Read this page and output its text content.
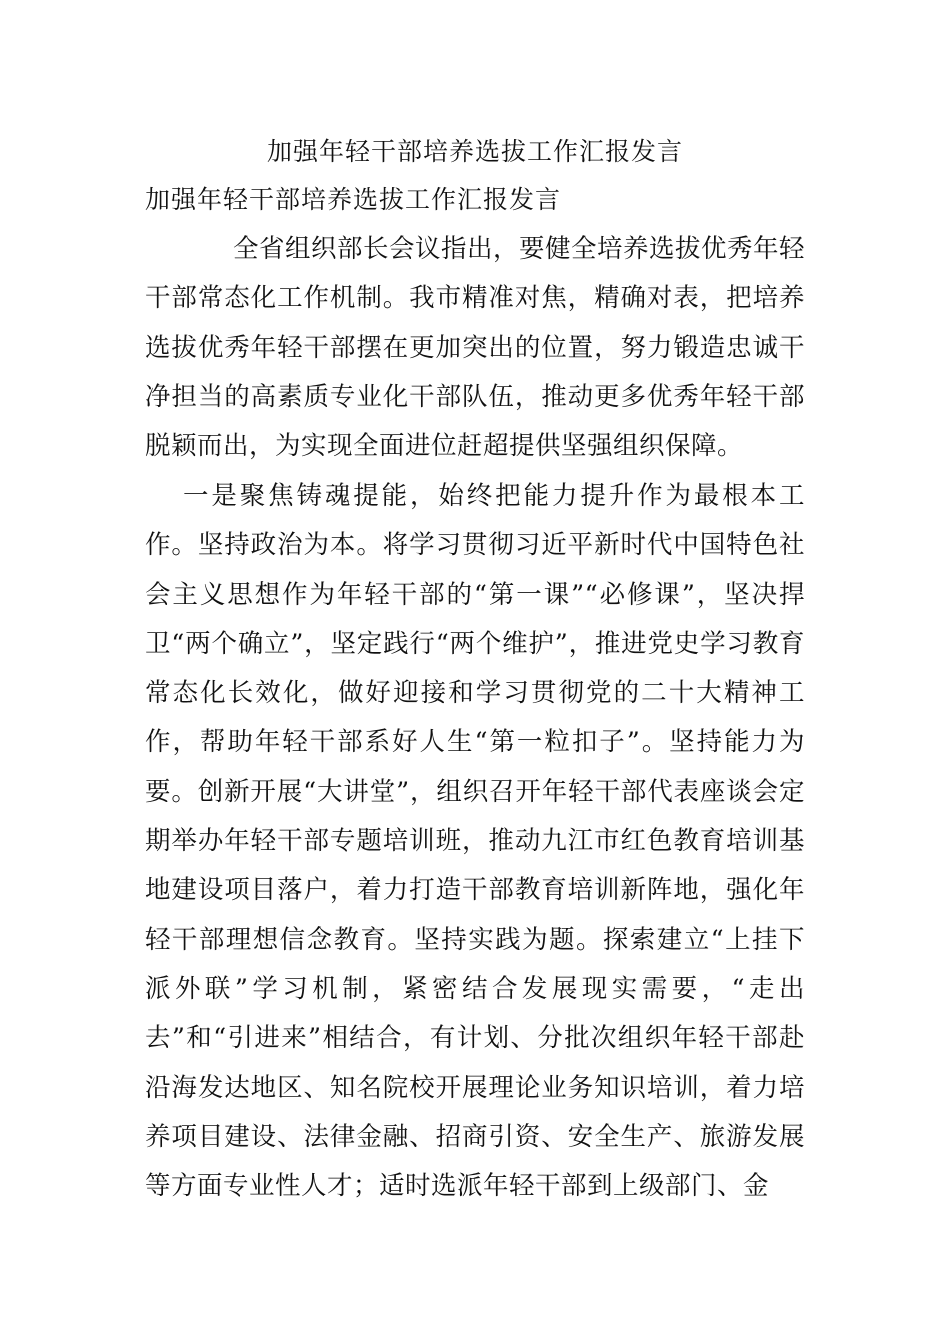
加强年轻干部培养选拔工作汇报发言
加强年轻干部培养选拔工作汇报发言

全省组织部长会议指出，要健全培养选拔优秀年轻干部常态化工作机制。我市精准对焦，精确对表，把培养选拔优秀年轻干部摆在更加突出的位置，努力锻造忠诚干净担当的高素质专业化干部队伍，推动更多优秀年轻干部脱颖而出，为实现全面进位赶超提供坚强组织保障。

一是聚焦铸魂提能，始终把能力提升作为最根本工作。坚持政治为本。将学习贯彻习近平新时代中国特色社会主义思想作为年轻干部的“第一课”“必修课”，坚决捍卫“两个确立”，坚定践行“两个维护”，推进党史学习教育常态化长效化，做好迎接和学习贯彻党的二十大精神工作，帮助年轻干部系好人生“第一粒扣子”。坚持能力为要。创新开展“大讲堂”，组织召开年轻干部代表座谈会定期举办年轻干部专题培训班，推动九江市红色教育培训基地建设项目落户，着力打造干部教育培训新阵地，强化年轻干部理想信念教育。坚持实践为题。探索建立“上挂下派外联”学习机制，紧密结合发展现实需要，“走出去”和“引进来”相结合，有计划、分批次组织年轻干部赴沿海发达地区、知名院校开展理论业务知识培训，着力培养项目建设、法律金融、招商引资、安全生产、旅游发展等方面专业性人才；适时选派年轻干部到上级部门、金
